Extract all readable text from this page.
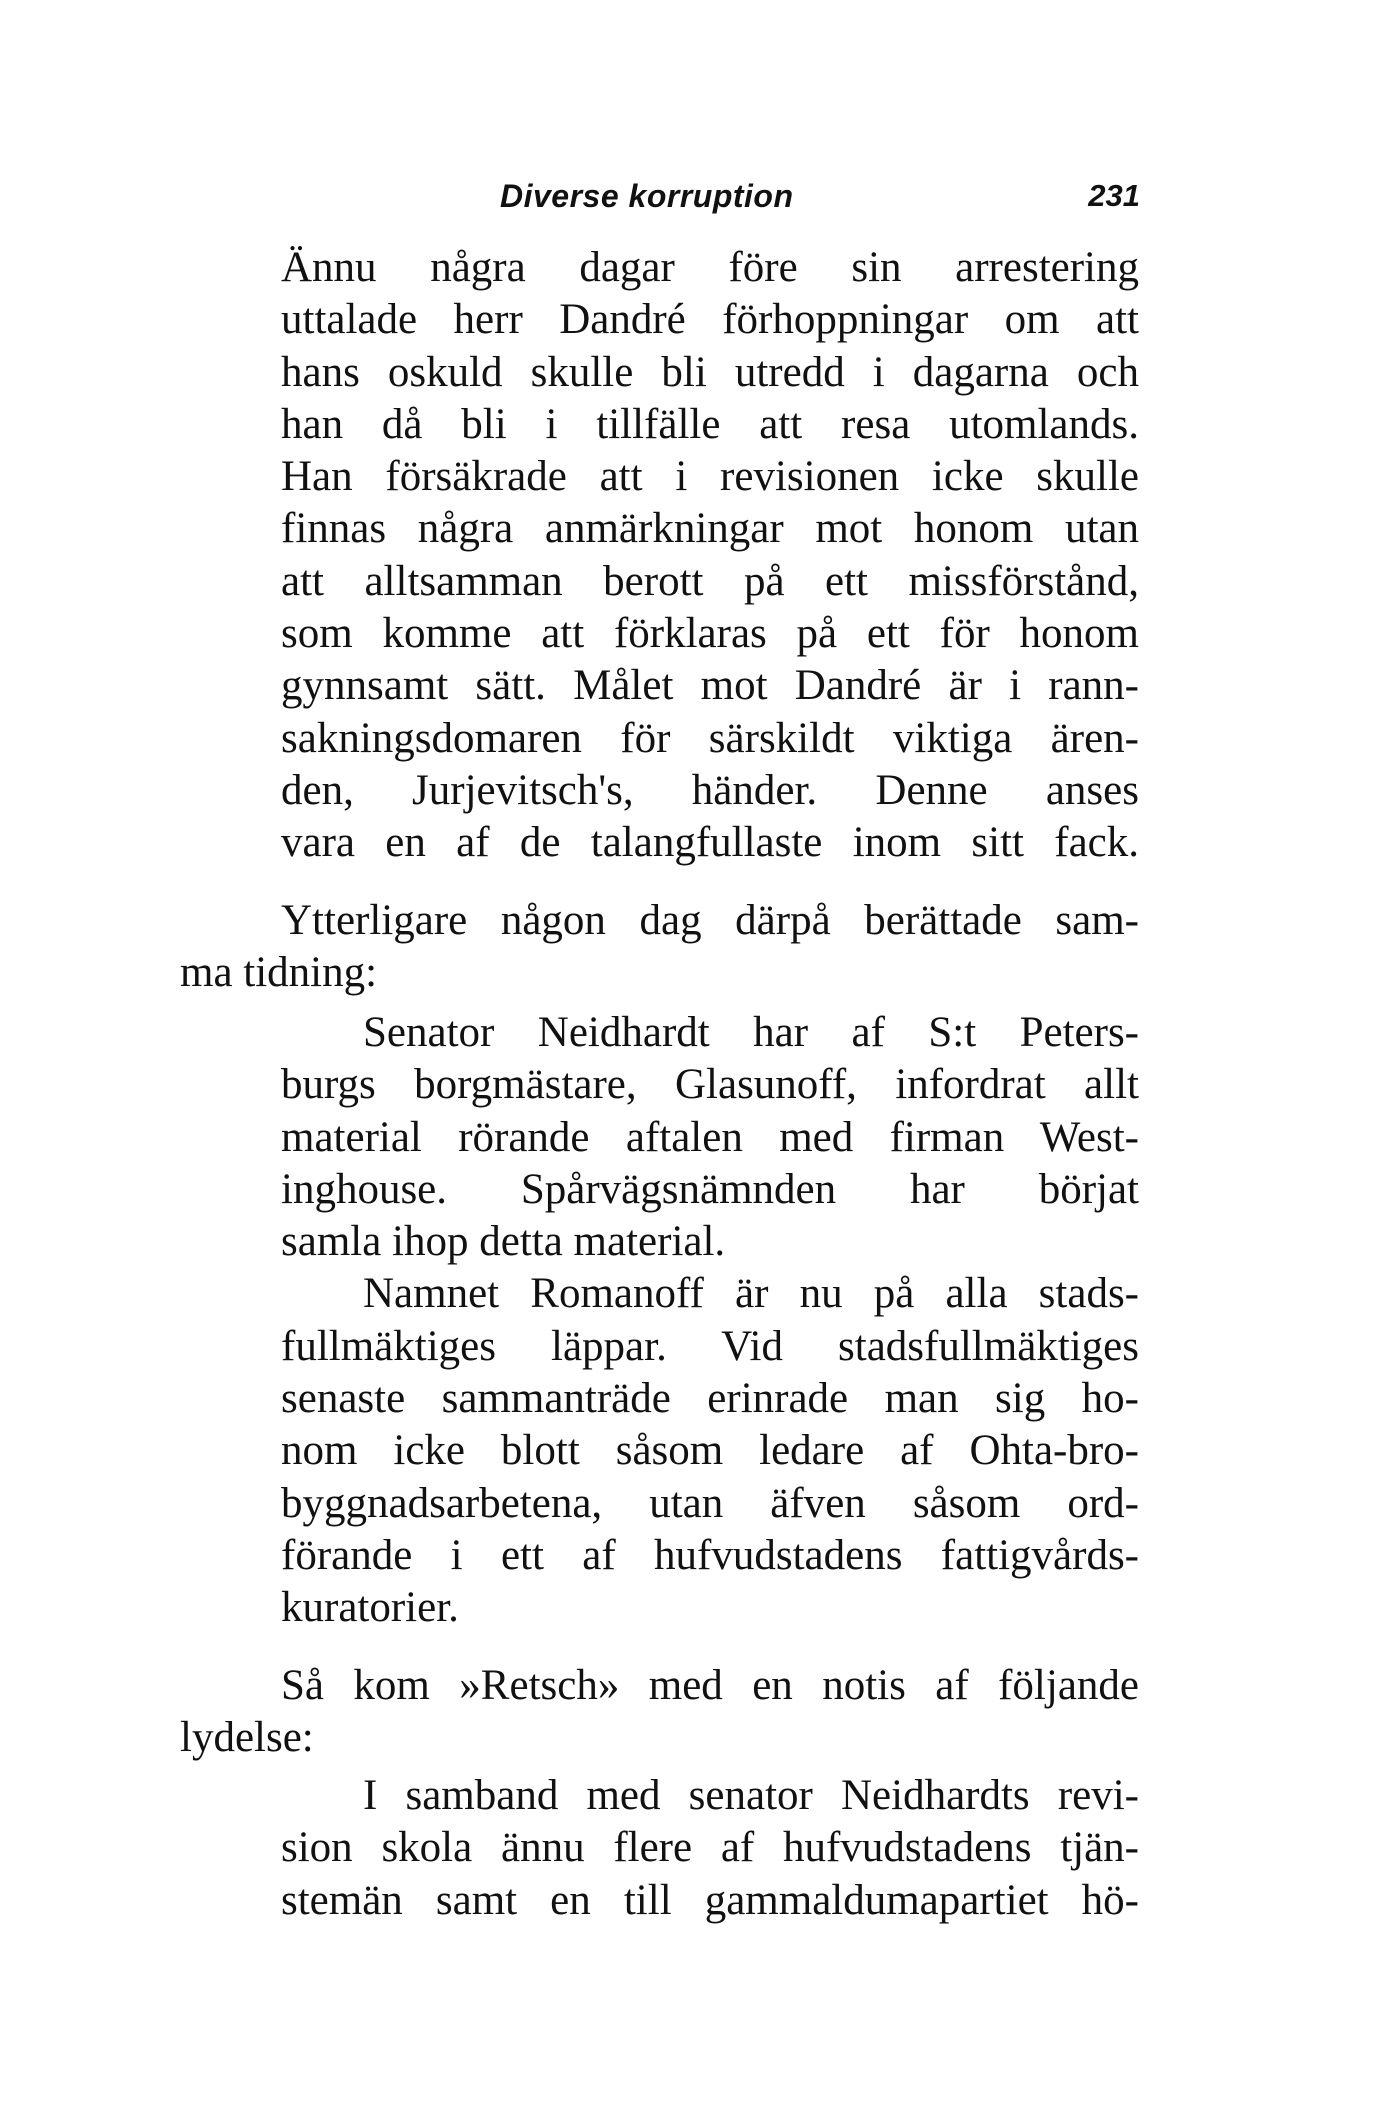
Diverse korruption	231
Ännu några dagar före sin arrestering
uttalade herr Dandré förhoppningar om att
hans oskuld skulle bli utredd i dagarna och
han då bli i tillfälle att resa utomlands.
Han försäkrade att i revisionen icke skulle
finnas några anmärkningar mot honom utan
att alltsamman berott på ett missförstånd,
som komme att förklaras på ett för honom
gynnsamt sätt. Målet mot Dandré är i rann-
sakningsdomaren för särskildt viktiga ären-
den, Jurjevitsch's, händer. Denne anses
vara en af de talangfullaste inom sitt fack.
Ytterligare någon dag därpå berättade sam-
ma tidning:
Senator Neidhardt har af S:t Peters-
burgs borgmästare, Glasunoff, infordrat allt
material rörande aftalen med firman West-
inghouse. Spårvägsnämnden har börjat
samla ihop detta material.
Namnet Romanoff är nu på alla stads-
fullmäktiges läppar. Vid stadsfullmäktiges
senaste sammanträde erinrade man sig ho-
nom icke blott såsom ledare af Ohta-bro-
byggnadsarbetena, utan äfven såsom ord-
förande i ett af hufvudstadens fattigvårds-
kuratorier.
Så kom »Retsch» med en notis af följande
lydelse:
I samband med senator Neidhardts revi-
sion skola ännu flere af hufvudstadens tjän-
stemän samt en till gammaldumapartiet hö-
